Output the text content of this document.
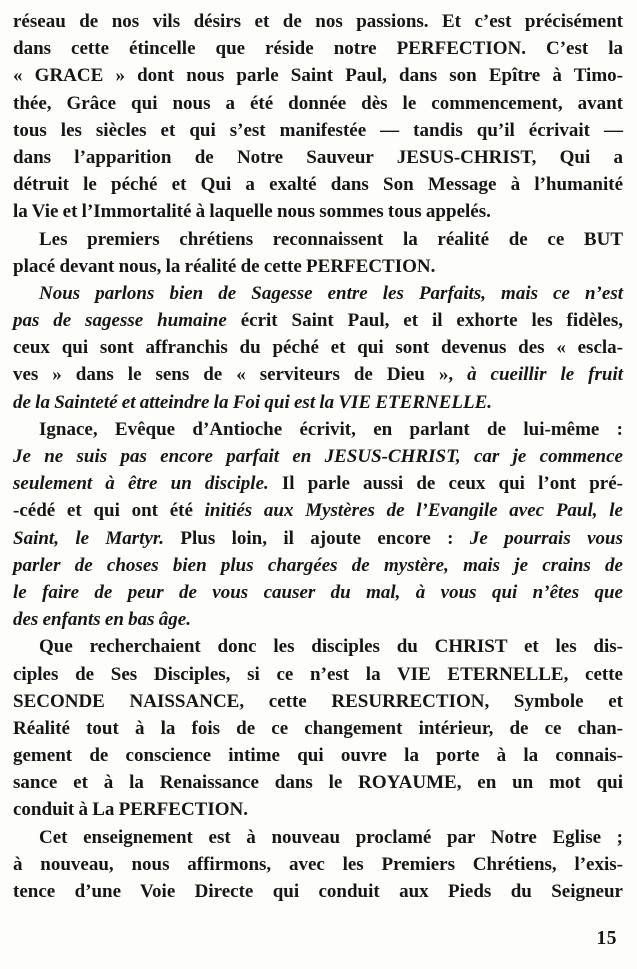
réseau de nos vils désirs et de nos passions. Et c’est précisément
dans cette étincelle que réside notre PERFECTION. C’est la
« GRACE » dont nous parle Saint Paul, dans son Epître à Timo-
thée, Grâce qui nous a été donnée dès le commencement, avant
tous les siècles et qui s’est manifestée — tandis qu’il écrivait —
dans l’apparition de Notre Sauveur JESUS-CHRIST, Qui a
détruit le péché et Qui a exalté dans Son Message à l’humanité
la Vie et l’Immortalité à laquelle nous sommes tous appelés.
Les premiers chrétiens reconnaissent la réalité de ce BUT
placé devant nous, la réalité de cette PERFECTION.
Nous parlons bien de Sagesse entre les Parfaits, mais ce n’est
pas de sagesse humaine écrit Saint Paul, et il exhorte les fidèles,
ceux qui sont affranchis du péché et qui sont devenus des « escla-
ves » dans le sens de « serviteurs de Dieu », à cueillir le fruit
de la Sainteté et atteindre la Foi qui est la VIE ETERNELLE.
Ignace, Evêque d’Antioche écrivit, en parlant de lui-même :
Je ne suis pas encore parfait en JESUS-CHRIST, car je commence
seulement à être un disciple. Il parle aussi de ceux qui l’ont pré-
-cédé et qui ont été initiés aux Mystères de l’Evangile avec Paul, le
Saint, le Martyr. Plus loin, il ajoute encore : Je pourrais vous
parler de choses bien plus chargées de mystère, mais je crains de
le faire de peur de vous causer du mal, à vous qui n’êtes que
des enfants en bas âge.
Que recherchaient donc les disciples du CHRIST et les dis-
ciples de Ses Disciples, si ce n’est la VIE ETERNELLE, cette
SECONDE NAISSANCE, cette RESURRECTION, Symbole et
Réalité tout à la fois de ce changement intérieur, de ce chan-
gement de conscience intime qui ouvre la porte à la connais-
sance et à la Renaissance dans le ROYAUME, en un mot qui
conduit à La PERFECTION.
Cet enseignement est à nouveau proclamé par Notre Eglise ;
à nouveau, nous affirmons, avec les Premiers Chrétiens, l’exis-
tence d’une Voie Directe qui conduit aux Pieds du Seigneur
15
